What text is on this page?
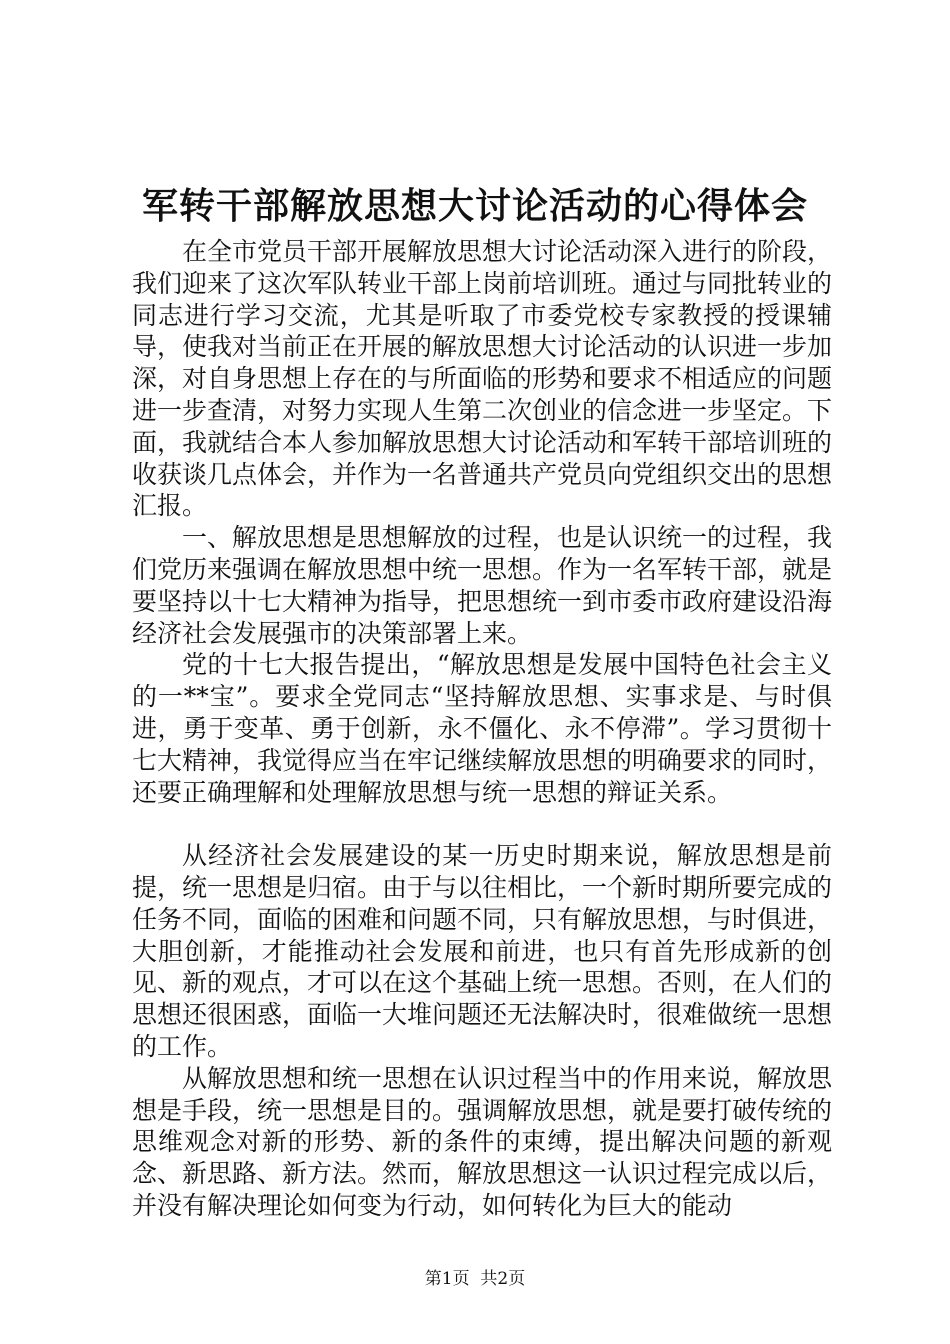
军转干部解放思想大讨论活动的心得体会

在全市党员干部开展解放思想大讨论活动深入进行的阶段，我们迎来了这次军队转业干部上岗前培训班。通过与同批转业的同志进行学习交流，尤其是听取了市委党校专家教授的授课辅导，使我对当前正在开展的解放思想大讨论活动的认识进一步加深，对自身思想上存在的与所面临的形势和要求不相适应的问题进一步查清，对努力实现人生第二次创业的信念进一步坚定。下面，我就结合本人参加解放思想大讨论活动和军转干部培训班的收获谈几点体会，并作为一名普通共产党员向党组织交出的思想汇报。

一、解放思想是思想解放的过程，也是认识统一的过程，我们党历来强调在解放思想中统一思想。作为一名军转干部，就是要坚持以十七大精神为指导，把思想统一到市委市政府建设沿海经济社会发展强市的决策部署上来。

党的十七大报告提出，“解放思想是发展中国特色社会主义的一**宝”。要求全党同志“坚持解放思想、实事求是、与时俱进，勇于变革、勇于创新，永不僵化、永不停滞”。学习贯彻十七大精神，我觉得应当在牢记继续解放思想的明确要求的同时，还要正确理解和处理解放思想与统一思想的辩证关系。

从经济社会发展建设的某一历史时期来说，解放思想是前提，统一思想是归宿。由于与以往相比，一个新时期所要完成的任务不同，面临的困难和问题不同，只有解放思想，与时俱进，大胆创新，才能推动社会发展和前进，也只有首先形成新的创见、新的观点，才可以在这个基础上统一思想。否则，在人们的思想还很困惑，面临一大堆问题还无法解决时，很难做统一思想的工作。

从解放思想和统一思想在认识过程当中的作用来说，解放思想是手段，统一思想是目的。强调解放思想，就是要打破传统的思维观念对新的形势、新的条件的束缚，提出解决问题的新观念、新思路、新方法。然而，解放思想这一认识过程完成以后，并没有解决理论如何变为行动，如何转化为巨大的能动

第1页 共2页
